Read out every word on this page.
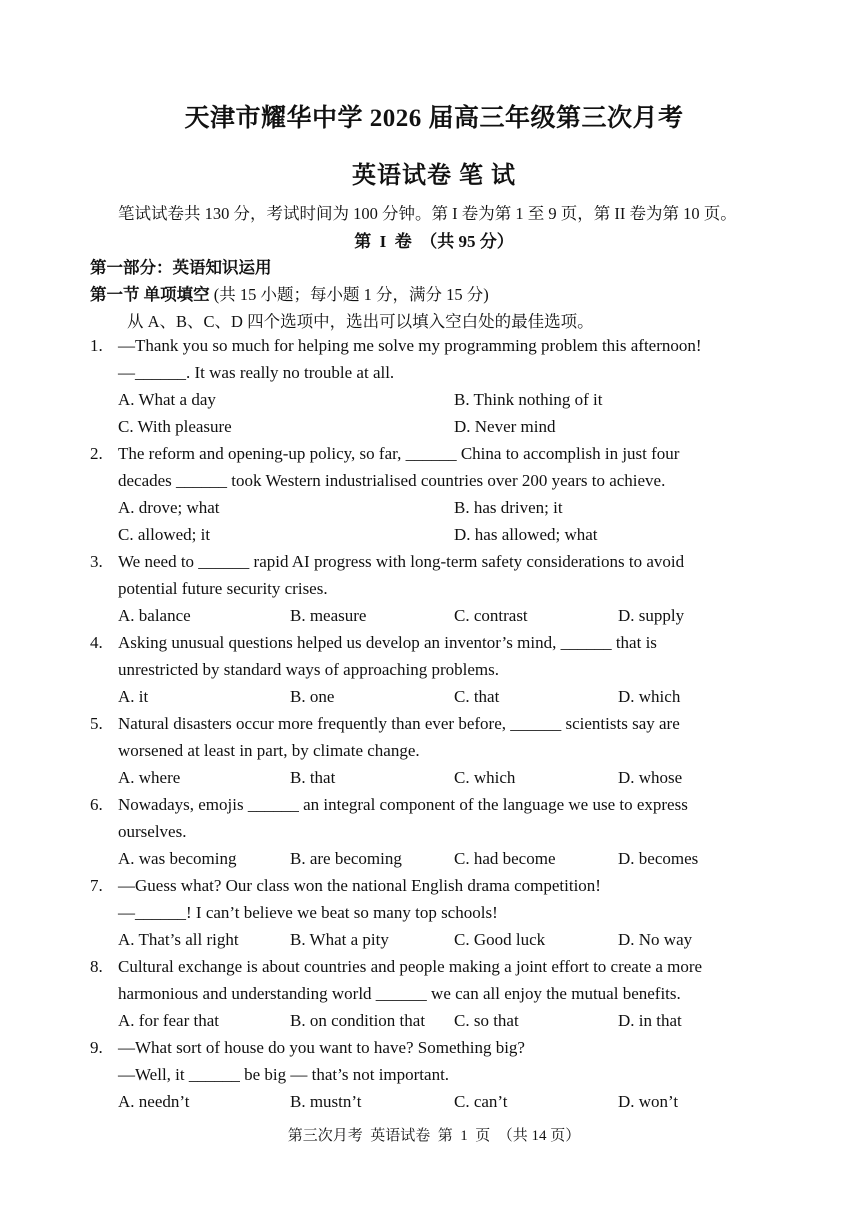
天津市耀华中学 2026 届高三年级第三次月考
英语试卷 笔 试
笔试试卷共 130 分，考试时间为 100 分钟。第 I 卷为第 1 至 9 页，第 II 卷为第 10 页。
第  I  卷  （共 95 分）
第一部分：英语知识运用
第一节 单项填空 (共 15 小题；每小题 1 分，满分 15 分)
从 A、B、C、D 四个选项中，选出可以填入空白处的最佳选项。
1. —Thank you so much for helping me solve my programming problem this afternoon!
—______. It was really no trouble at all.
A. What a day	B. Think nothing of it
C. With pleasure	D. Never mind
2. The reform and opening-up policy, so far, ______ China to accomplish in just four
decades ______ took Western industrialised countries over 200 years to achieve.
A. drove; what	B. has driven; it
C. allowed; it	D. has allowed; what
3. We need to ______ rapid AI progress with long-term safety considerations to avoid
potential future security crises.
A. balance	B. measure	C. contrast	D. supply
4. Asking unusual questions helped us develop an inventor’s mind, ______ that is
unrestricted by standard ways of approaching problems.
A. it	B. one	C. that	D. which
5. Natural disasters occur more frequently than ever before, ______ scientists say are
worsened at least in part, by climate change.
A. where	B. that	C. which	D. whose
6. Nowadays, emojis ______ an integral component of the language we use to express
ourselves.
A. was becoming	B. are becoming	C. had become	D. becomes
7. —Guess what? Our class won the national English drama competition!
—______! I can’t believe we beat so many top schools!
A. That’s all right	B. What a pity	C. Good luck	D. No way
8. Cultural exchange is about countries and people making a joint effort to create a more
harmonious and understanding world ______ we can all enjoy the mutual benefits.
A. for fear that	B. on condition that C. so that	D. in that
9. —What sort of house do you want to have? Something big?
—Well, it ______ be big — that’s not important.
A. needn’t	B. mustn’t	C. can’t	D. won’t
第三次月考  英语试卷  第  1  页  （共 14 页）
